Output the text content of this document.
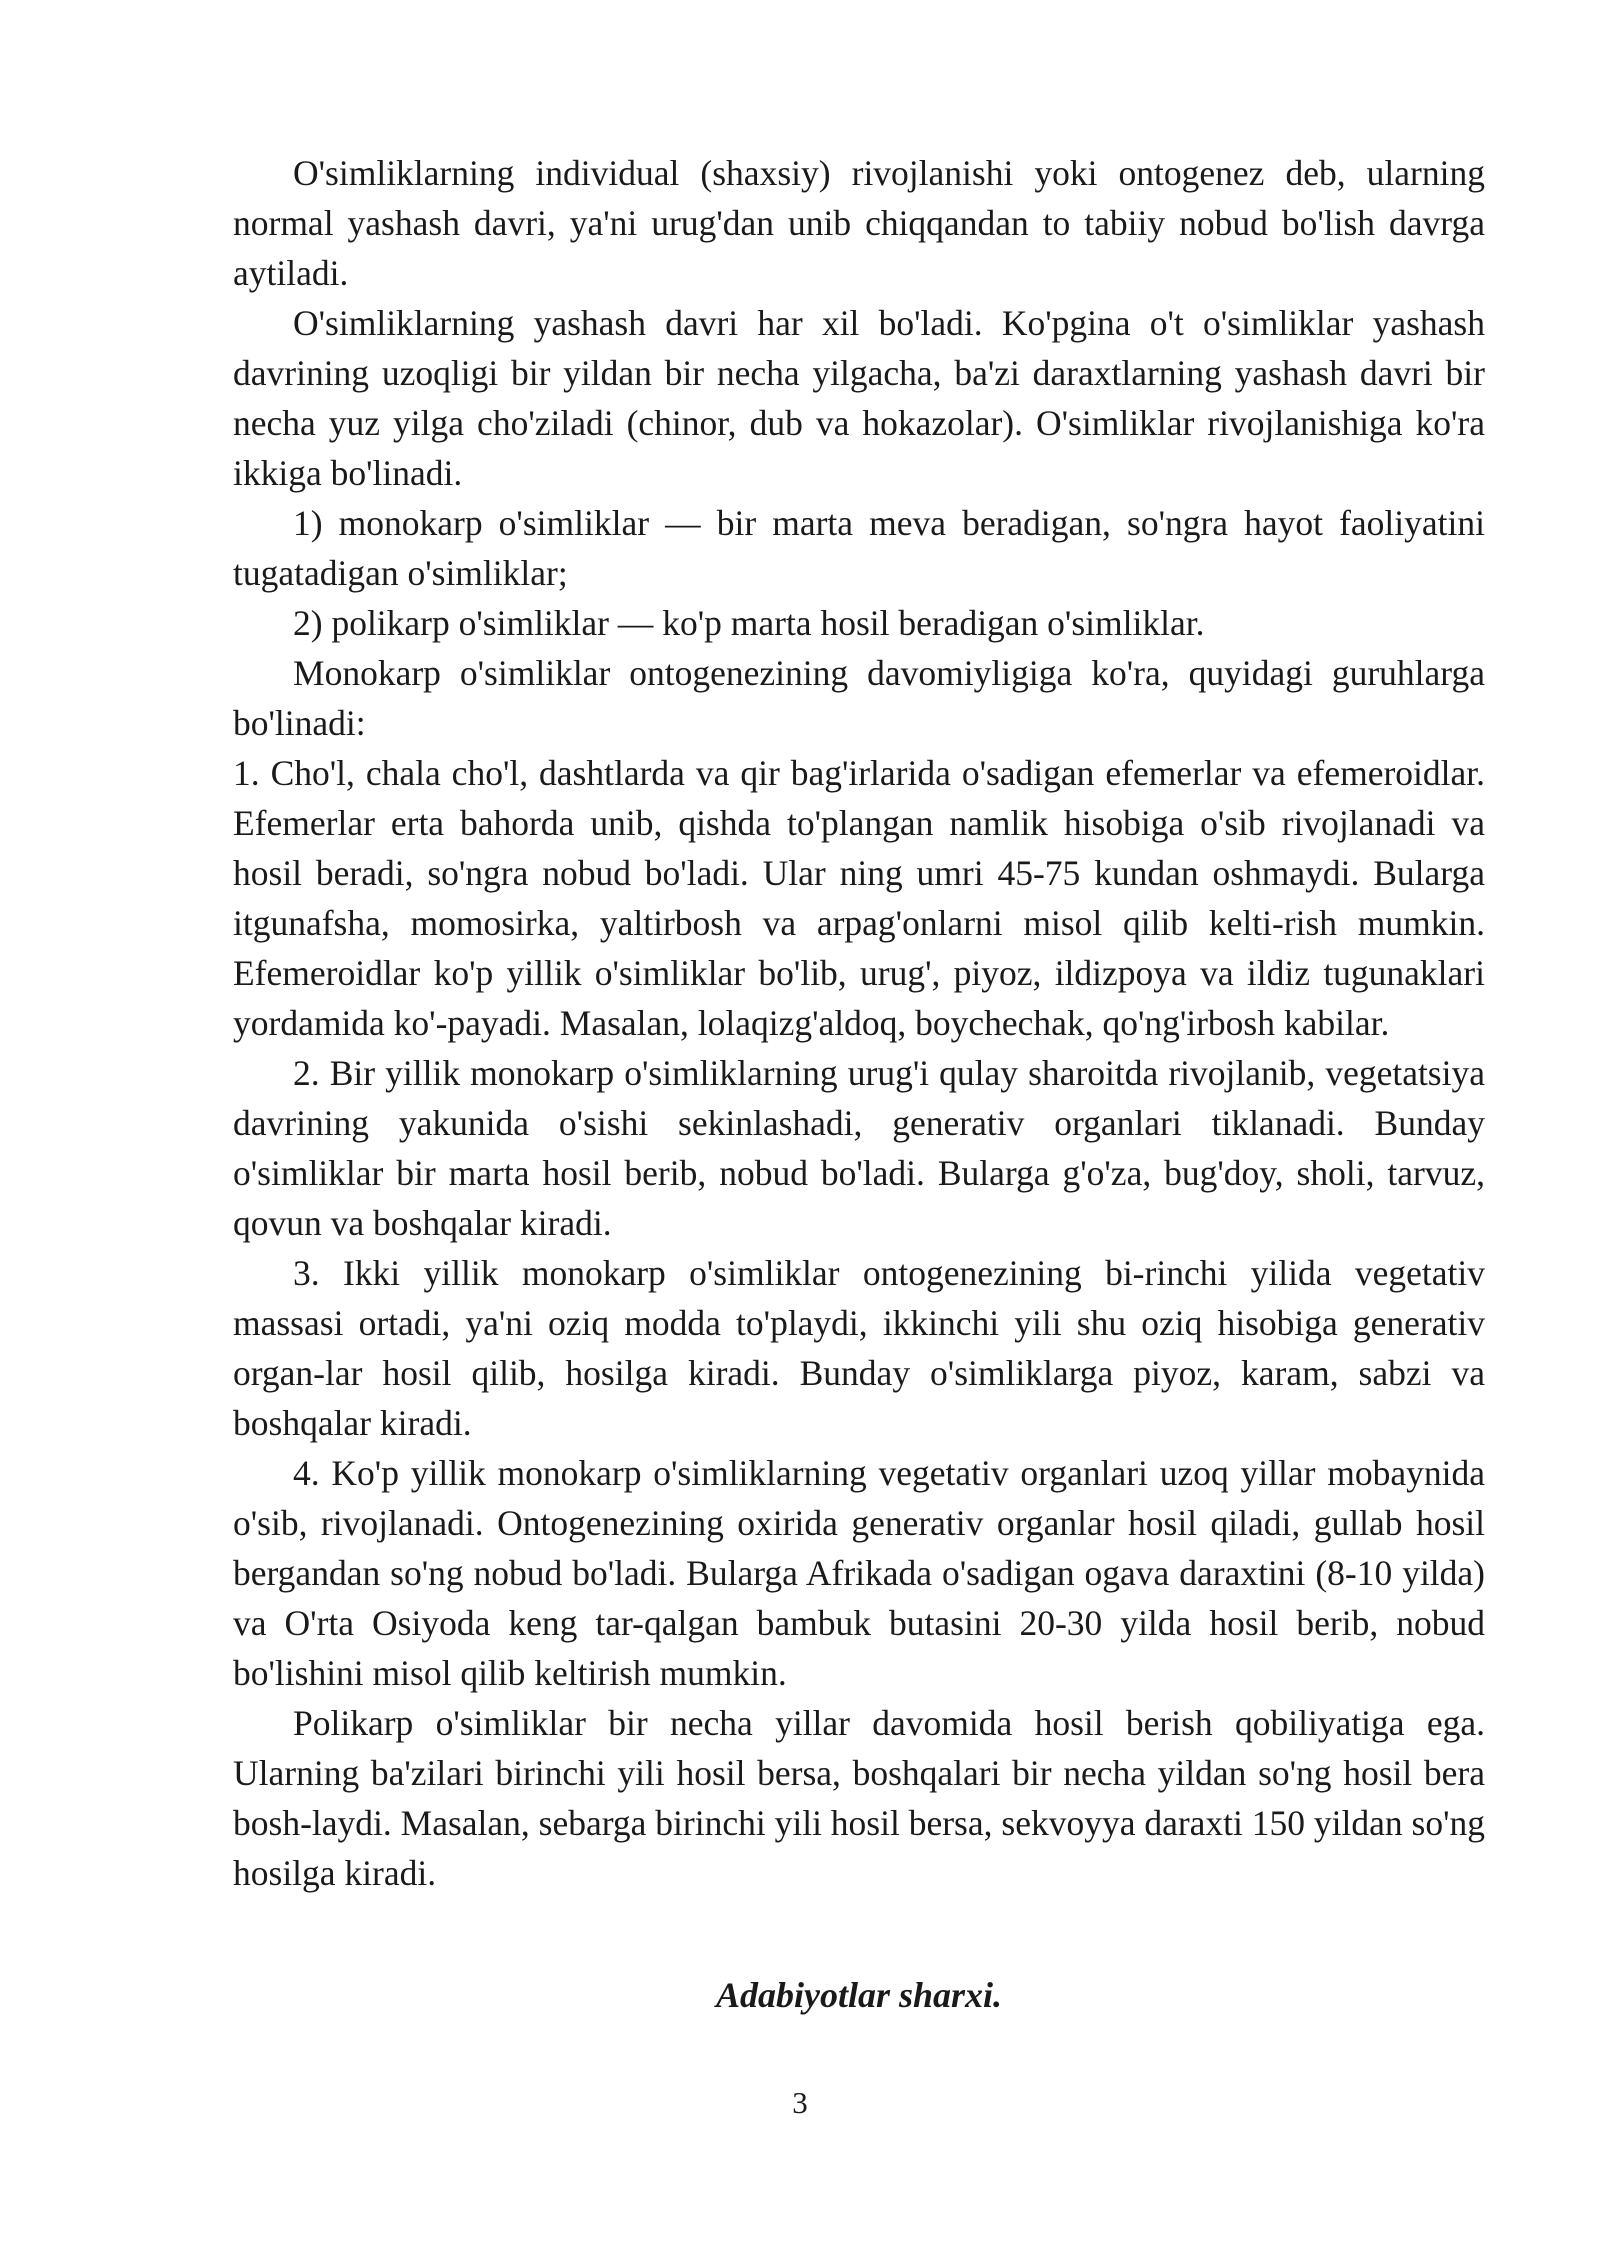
O'simliklarning individual (shaxsiy) rivojlanishi yoki ontogenez deb, ularning normal yashash davri, ya'ni urug'dan unib chiqqandan to tabiiy nobud bo'lish davrga aytiladi.

O'simliklarning yashash davri har xil bo'ladi. Ko'pgina o't o'simliklar yashash davrining uzoqligi bir yildan bir necha yilgacha, ba'zi daraxtlarning yashash davri bir necha yuz yilga cho'ziladi (chinor, dub va hokazolar). O'simliklar rivojlanishiga ko'ra ikkiga bo'linadi.

1) monokarp o'simliklar — bir marta meva beradigan, so'ngra hayot faoliyatini tugatadigan o'simliklar;

2) polikarp o'simliklar — ko'p marta hosil beradigan o'simliklar.

Monokarp o'simliklar ontogenezining davomiyligiga ko'ra, quyidagi guruhlarga bo'linadi:

1. Cho'l, chala cho'l, dashtlarda va qir bag'irlarida o'sadigan efemerlar va efemeroidlar. Efemerlar erta bahorda unib, qishda to'plangan namlik hisobiga o'sib rivojlanadi va hosil beradi, so'ngra nobud bo'ladi. Ular ning umri 45-75 kundan oshmaydi. Bularga itgunafsha, momosirka, yaltirbosh va arpag'onlarni misol qilib kelti-rish mumkin. Efemeroidlar ko'p yillik o'simliklar bo'lib, urug', piyoz, ildizpoya va ildiz tugunaklari yordamida ko'-payadi. Masalan, lolaqizg'aldoq, boychechak, qo'ng'irbosh kabilar.

2. Bir yillik monokarp o'simliklarning urug'i qulay sharoitda rivojlanib, vegetatsiya davrining yakunida o'sishi sekinlashadi, generativ organlari tiklanadi. Bunday o'simliklar bir marta hosil berib, nobud bo'ladi. Bularga g'o'za, bug'doy, sholi, tarvuz, qovun va boshqalar kiradi.

3. Ikki yillik monokarp o'simliklar ontogenezining bi-rinchi yilida vegetativ massasi ortadi, ya'ni oziq modda to'playdi, ikkinchi yili shu oziq hisobiga generativ organ-lar hosil qilib, hosilga kiradi. Bunday o'simliklarga piyoz, karam, sabzi va boshqalar kiradi.

4. Ko'p yillik monokarp o'simliklarning vegetativ organlari uzoq yillar mobaynida o'sib, rivojlanadi. Ontogenezining oxirida generativ organlar hosil qiladi, gullab hosil bergandan so'ng nobud bo'ladi. Bularga Afrikada o'sadigan ogava daraxtini (8-10 yilda) va O'rta Osiyoda keng tar-qalgan bambuk butasini 20-30 yilda hosil berib, nobud bo'lishini misol qilib keltirish mumkin.

Polikarp o'simliklar bir necha yillar davomida hosil berish qobiliyatiga ega. Ularning ba'zilari birinchi yili hosil bersa, boshqalari bir necha yildan so'ng hosil bera bosh-laydi. Masalan, sebarga birinchi yili hosil bersa, sekvoyya daraxti 150 yildan so'ng hosilga kiradi.

Adabiyotlar sharxi.

3
